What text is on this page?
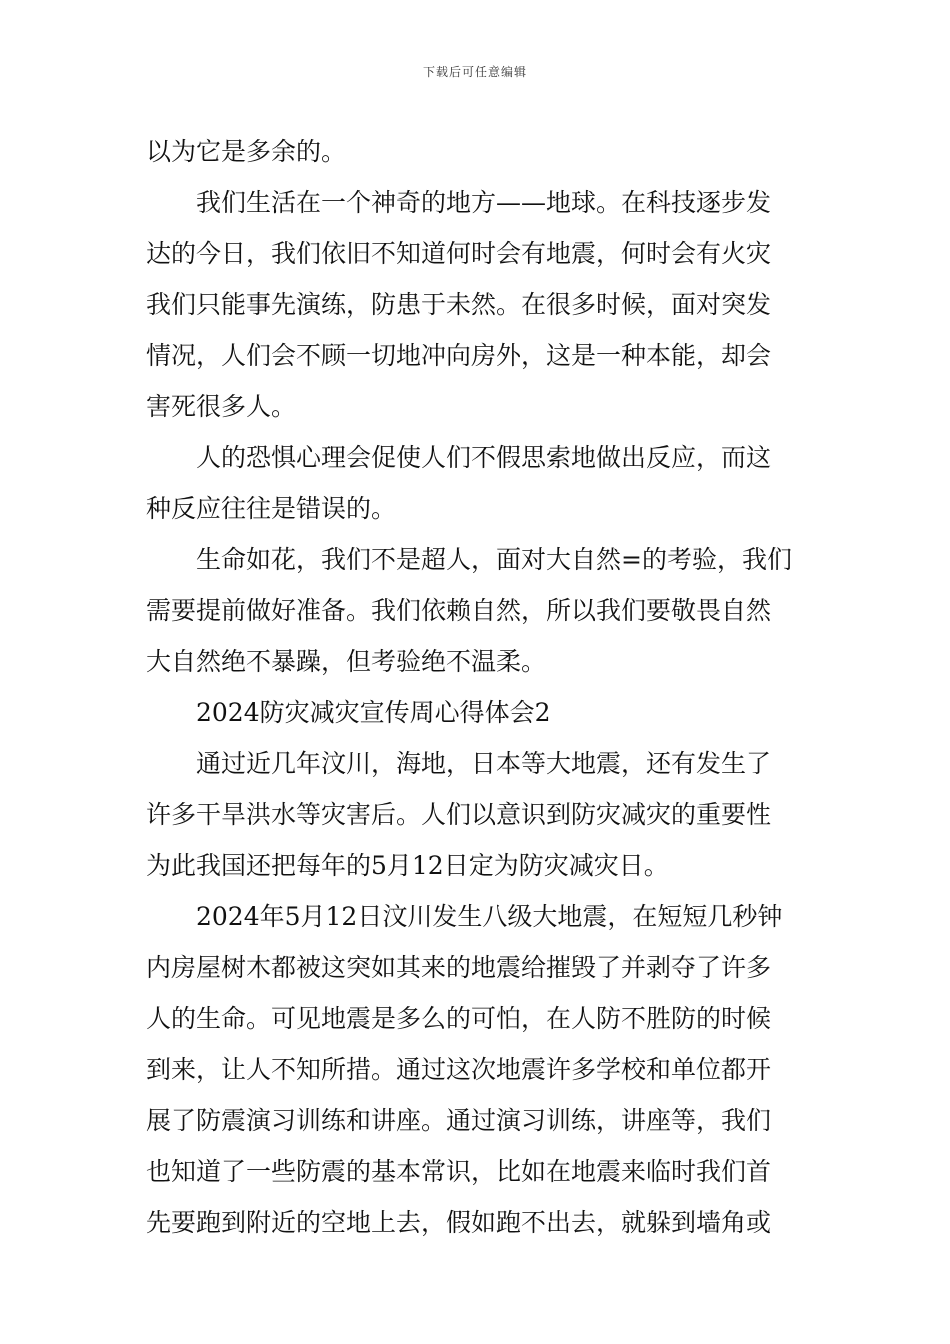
下载后可任意编辑
以为它是多余的。
我们生活在一个神奇的地方——地球。在科技逐步发
达的今日，我们依旧不知道何时会有地震，何时会有火灾
我们只能事先演练，防患于未然。在很多时候，面对突发
情况，人们会不顾一切地冲向房外，这是一种本能，却会
害死很多人。
人的恐惧心理会促使人们不假思索地做出反应，而这
种反应往往是错误的。
生命如花，我们不是超人，面对大自然=的考验，我们
需要提前做好准备。我们依赖自然，所以我们要敬畏自然
大自然绝不暴躁，但考验绝不温柔。
2024防灾减灾宣传周心得体会2
通过近几年汶川，海地，日本等大地震，还有发生了
许多干旱洪水等灾害后。人们以意识到防灾减灾的重要性
为此我国还把每年的5月12日定为防灾减灾日。
2024年5月12日汶川发生八级大地震，在短短几秒钟
内房屋树木都被这突如其来的地震给摧毁了并剥夺了许多
人的生命。可见地震是多么的可怕，在人防不胜防的时候
到来，让人不知所措。通过这次地震许多学校和单位都开
展了防震演习训练和讲座。通过演习训练，讲座等，我们
也知道了一些防震的基本常识，比如在地震来临时我们首
先要跑到附近的空地上去，假如跑不出去，就躲到墙角或
